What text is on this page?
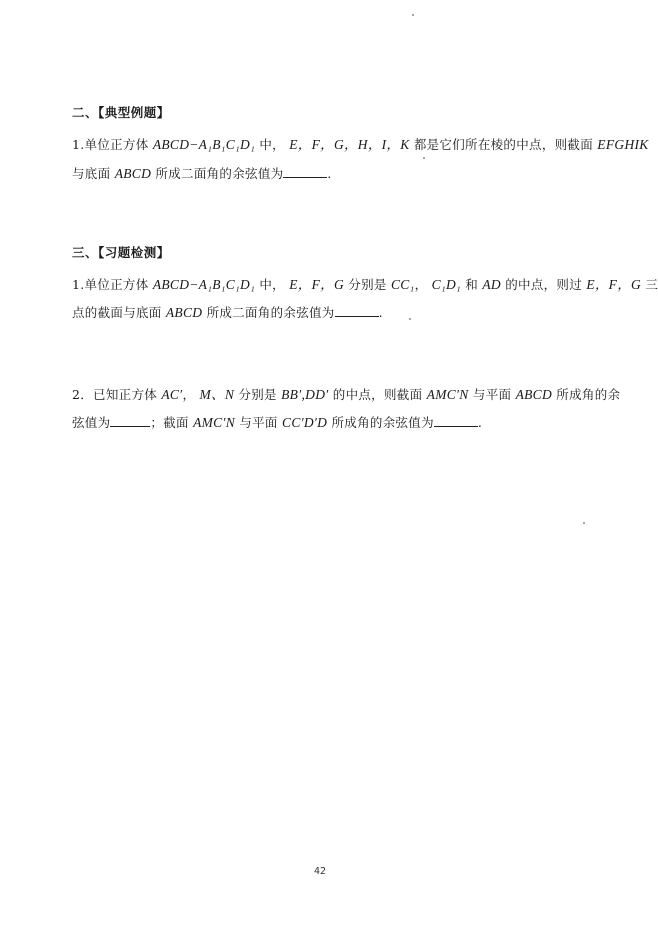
二、【典型例题】
1.单位正方体 ABCD−A₁B₁C₁D₁ 中， E，F，G，H，I，K 都是它们所在棱的中点，则截面 EFGHIK
与底面 ABCD 所成二面角的余弦值为	.
三、【习题检测】
1.单位正方体 ABCD−A₁B₁C₁D₁ 中， E，F，G 分别是 CC₁， C₁D₁ 和 AD 的中点，则过 E，F，G 三
点的截面与底面 ABCD 所成二面角的余弦值为	.
2．已知正方体 AC′， M、N 分别是 BB′,DD′ 的中点，则截面 AMC′N 与平面 ABCD 所成角的余
弦值为	；截面 AMC′N 与平面 CC′D′D 所成角的余弦值为	.
42
